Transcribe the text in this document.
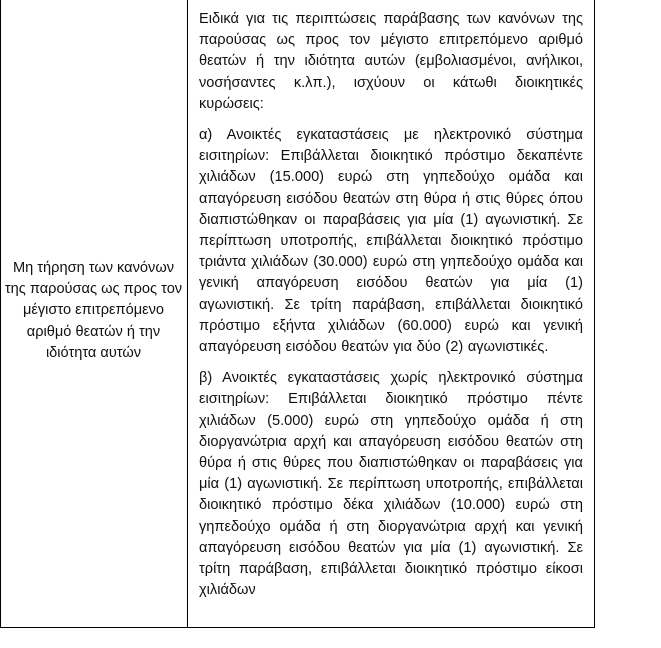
Μη τήρηση των κανόνων της παρούσας ως προς τον μέγιστο επιτρεπόμενο αριθμό θεατών ή την ιδιότητα αυτών

Ειδικά για τις περιπτώσεις παράβασης των κανόνων της παρούσας ως προς τον μέγιστο επιτρεπόμενο αριθμό θεατών ή την ιδιότητα αυτών (εμβολιασμένοι, ανήλικοι, νοσήσαντες κ.λπ.), ισχύουν οι κάτωθι διοικητικές κυρώσεις:

α) Ανοικτές εγκαταστάσεις με ηλεκτρονικό σύστημα εισιτηρίων: Επιβάλλεται διοικητικό πρόστιμο δεκαπέντε χιλιάδων (15.000) ευρώ στη γηπεδούχο ομάδα και απαγόρευση εισόδου θεατών στη θύρα ή στις θύρες όπου διαπιστώθηκαν οι παραβάσεις για μία (1) αγωνιστική. Σε περίπτωση υποτροπής, επιβάλλεται διοικητικό πρόστιμο τριάντα χιλιάδων (30.000) ευρώ στη γηπεδούχο ομάδα και γενική απαγόρευση εισόδου θεατών για μία (1) αγωνιστική. Σε τρίτη παράβαση, επιβάλλεται διοικητικό πρόστιμο εξήντα χιλιάδων (60.000) ευρώ και γενική απαγόρευση εισόδου θεατών για δύο (2) αγωνιστικές.

β) Ανοικτές εγκαταστάσεις χωρίς ηλεκτρονικό σύστημα εισιτηρίων: Επιβάλλεται διοικητικό πρόστιμο πέντε χιλιάδων (5.000) ευρώ στη γηπεδούχο ομάδα ή στη διοργανώτρια αρχή και απαγόρευση εισόδου θεατών στη θύρα ή στις θύρες που διαπιστώθηκαν οι παραβάσεις για μία (1) αγωνιστική. Σε περίπτωση υποτροπής, επιβάλλεται διοικητικό πρόστιμο δέκα χιλιάδων (10.000) ευρώ στη γηπεδούχο ομάδα ή στη διοργανώτρια αρχή και γενική απαγόρευση εισόδου θεατών για μία (1) αγωνιστική. Σε τρίτη παράβαση, επιβάλλεται διοικητικό πρόστιμο είκοσι χιλιάδων
